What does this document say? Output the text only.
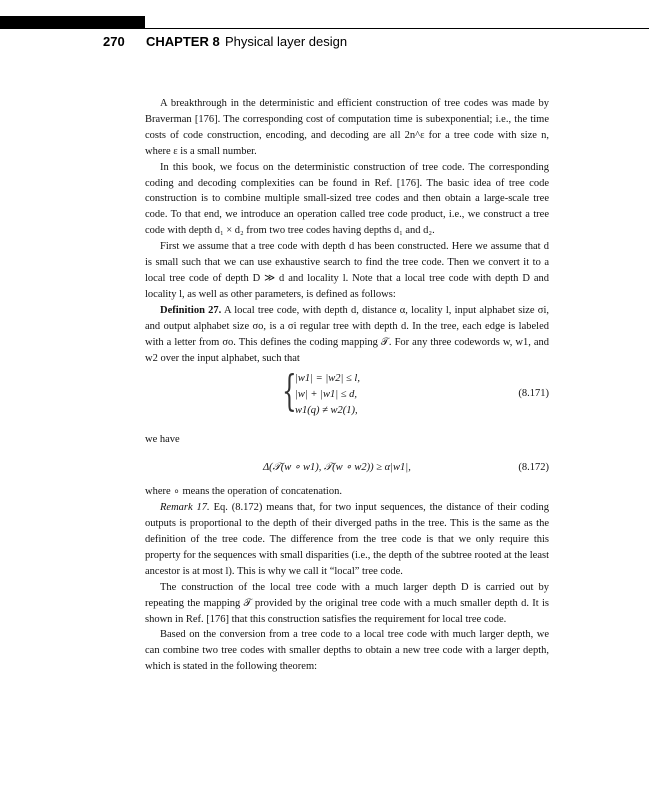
270 CHAPTER 8 Physical layer design

A breakthrough in the deterministic and efficient construction of tree codes was made by Braverman [176]. The corresponding cost of computation time is subexponential; i.e., the time costs of code construction, encoding, and decoding are all 2n^ε for a tree code with size n, where ε is a small number.

In this book, we focus on the deterministic construction of tree code. The corresponding coding and decoding complexities can be found in Ref. [176]. The basic idea of tree code construction is to combine multiple small-sized tree codes and then obtain a large-scale tree code. To that end, we introduce an operation called tree code product, i.e., we construct a tree code with depth d₁ × d₂ from two tree codes having depths d₁ and d₂.

First we assume that a tree code with depth d has been constructed. Here we assume that d is small such that we can use exhaustive search to find the tree code. Then we convert it to a local tree code of depth D ≫ d and locality l. Note that a local tree code with depth D and locality l, as well as other parameters, is defined as follows:

Definition 27. A local tree code, with depth d, distance α, locality l, input alphabet size σi, and output alphabet size σo, is a σi regular tree with depth d. In the tree, each edge is labeled with a letter from σo. This defines the coding mapping 𝒯. For any three codewords w, w1, and w2 over the input alphabet, such that

{
|w1| = |w2| ≤ l,
|w| + |w1| ≤ d,
w1(q) ≠ w2(1),
(8.171)

we have

Δ(𝒯(w ∘ w1), 𝒯(w ∘ w2)) ≥ α|w1|,	(8.172)

where ∘ means the operation of concatenation.

Remark 17. Eq. (8.172) means that, for two input sequences, the distance of their coding outputs is proportional to the depth of their diverged paths in the tree. This is the same as the definition of the tree code. The difference from the tree code is that we only require this property for the sequences with small disparities (i.e., the depth of the subtree rooted at the least ancestor is at most l). This is why we call it “local” tree code.

The construction of the local tree code with a much larger depth D is carried out by repeating the mapping 𝒯 provided by the original tree code with a much smaller depth d. It is shown in Ref. [176] that this construction satisfies the requirement for local tree code.

Based on the conversion from a tree code to a local tree code with much larger depth, we can combine two tree codes with smaller depths to obtain a new tree code with a larger depth, which is stated in the following theorem:
